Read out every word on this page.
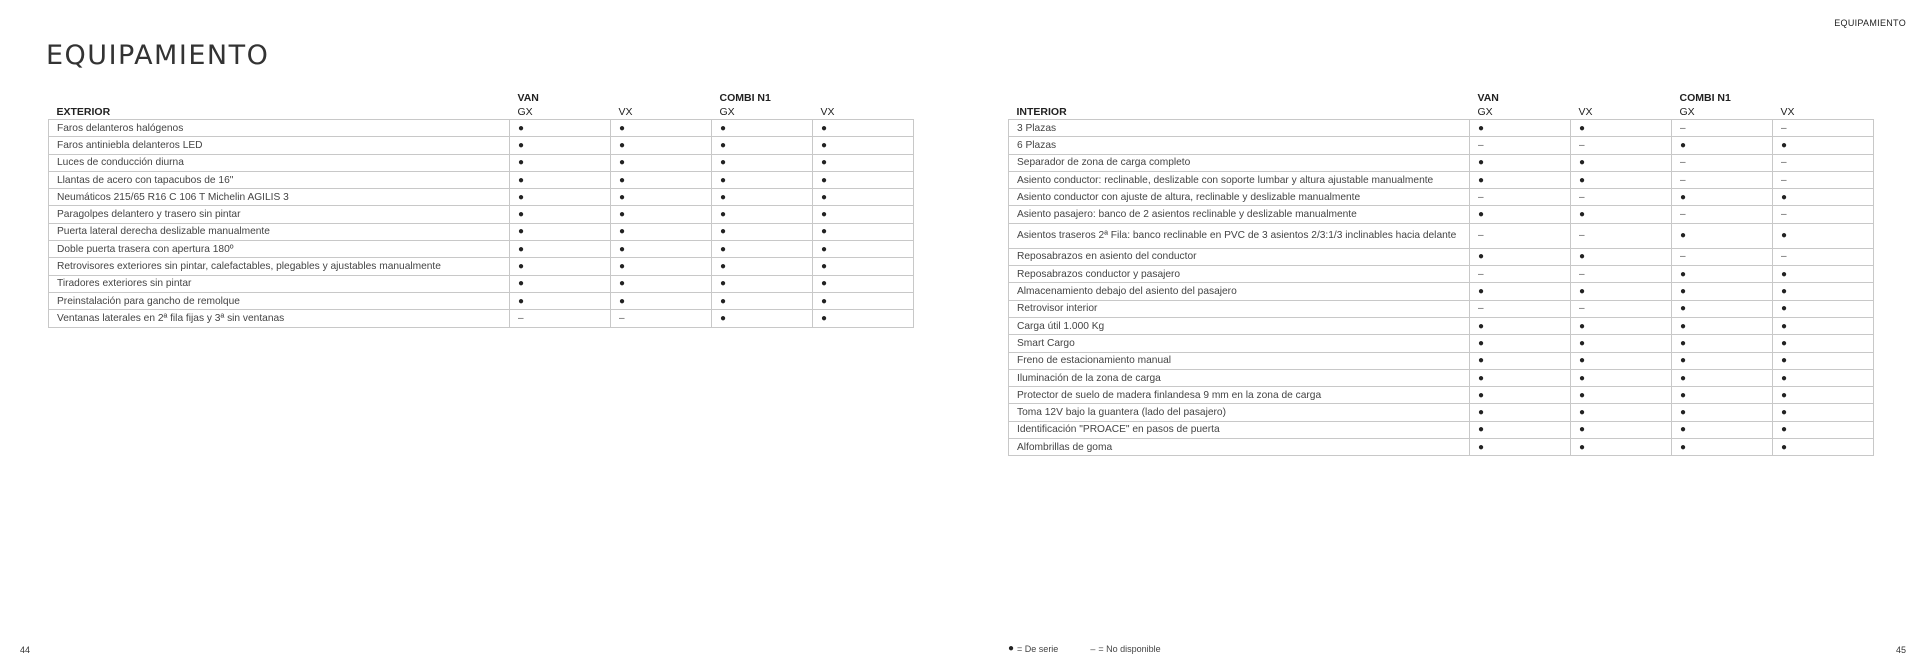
EQUIPAMIENTO
EQUIPAMIENTO
	VAN		COMBI N1	
EXTERIOR	GX	VX	GX	VX
Faros delanteros halógenos	●	●	●	●
Faros antiniebla delanteros LED	●	●	●	●
Luces de conducción diurna	●	●	●	●
Llantas de acero con tapacubos de 16"	●	●	●	●
Neumáticos 215/65 R16 C 106 T Michelin AGILIS 3	●	●	●	●
Paragolpes delantero y trasero sin pintar	●	●	●	●
Puerta lateral derecha deslizable manualmente	●	●	●	●
Doble puerta trasera con apertura 180º	●	●	●	●
Retrovisores exteriores sin pintar, calefactables, plegables y ajustables manualmente	●	●	●	●
Tiradores exteriores sin pintar	●	●	●	●
Preinstalación para gancho de remolque	●	●	●	●
Ventanas laterales en 2ª fila fijas y 3ª sin ventanas	–	–	●	●
	VAN		COMBI N1	
INTERIOR	GX	VX	GX	VX
3 Plazas	●	●	–	–
6 Plazas	–	–	●	●
Separador de zona de carga completo	●	●	–	–
Asiento conductor: reclinable, deslizable con soporte lumbar y altura ajustable manualmente	●	●	–	–
Asiento conductor con ajuste de altura, reclinable y deslizable manualmente	–	–	●	●
Asiento pasajero: banco de 2 asientos reclinable y deslizable manualmente	●	●	–	–
Asientos traseros 2ª Fila: banco reclinable en PVC de 3 asientos 2/3:1/3 inclinables hacia delante	–	–	●	●
Reposabrazos en asiento del conductor	●	●	–	–
Reposabrazos conductor y pasajero	–	–	●	●
Almacenamiento debajo del asiento del pasajero	●	●	●	●
Retrovisor interior	–	–	●	●
Carga útil 1.000 Kg	●	●	●	●
Smart Cargo	●	●	●	●
Freno de estacionamiento manual	●	●	●	●
Iluminación de la zona de carga	●	●	●	●
Protector de suelo de madera finlandesa 9 mm en la zona de carga	●	●	●	●
Toma 12V bajo la guantera (lado del pasajero)	●	●	●	●
Identificación "PROACE" en pasos de puerta	●	●	●	●
Alfombrillas de goma	●	●	●	●
44	45
● = De serie	– = No disponible
